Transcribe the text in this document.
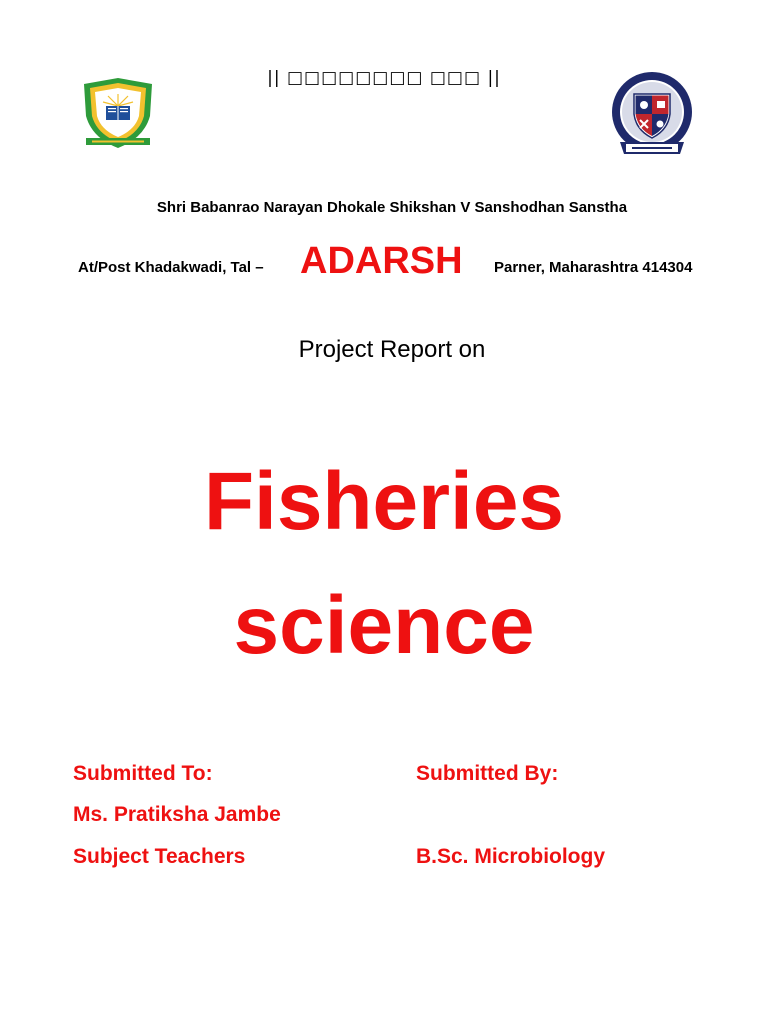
|| □□□□□□□□ □□□ ||
Shri Babanrao Narayan Dhokale Shikshan V Sanshodhan Sanstha
At/Post Khadakwadi, Tal – ADARSH Parner, Maharashtra 414304
Project Report on
Fisheries
science
Submitted To:
Ms. Pratiksha Jambe
Subject Teachers
Submitted By:
B.Sc. Microbiology
